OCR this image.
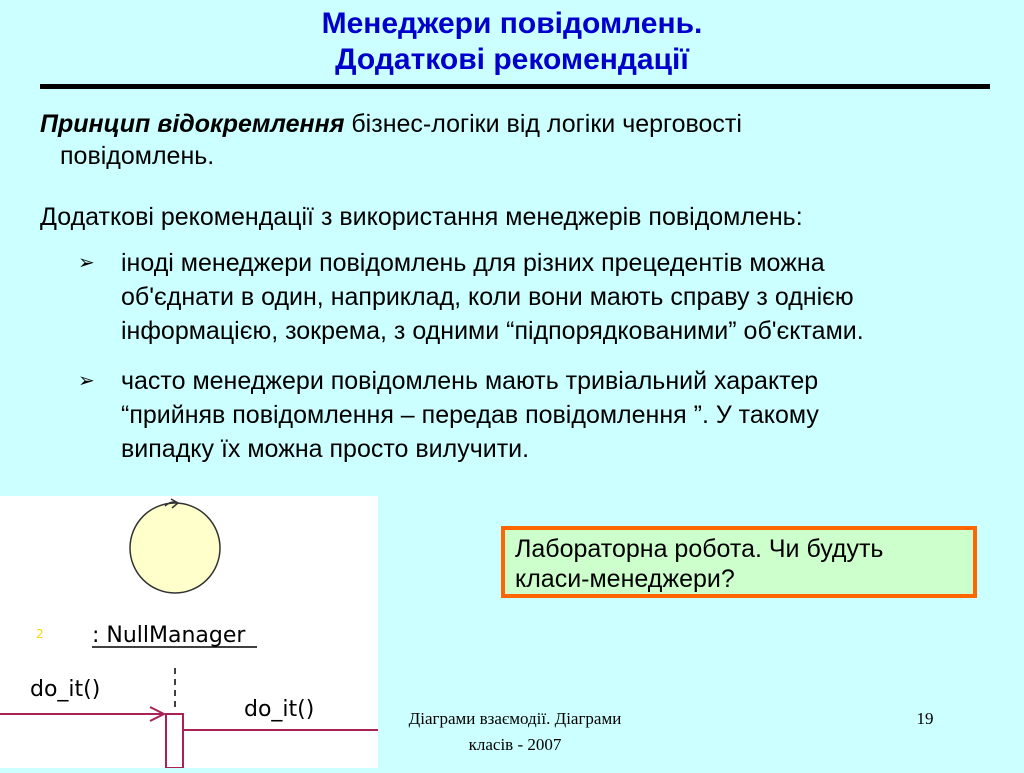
Менеджери повідомлень.
Додаткові рекомендації
Принцип відокремлення бізнес-логіки від логіки черговості
повідомлень.
Додаткові рекомендації з використання менеджерів повідомлень:
➢	іноді менеджери повідомлень для різних прецедентів можна
об'єднати в один, наприклад, коли вони мають справу з однією
інформацією, зокрема, з одними “підпорядкованими” об'єктами.
➢	часто менеджери повідомлень мають тривіальний характер
“прийняв повідомлення – передав повідомлення ”. У такому
випадку їх можна просто вилучити.
Лабораторна робота. Чи будуть
класи-менеджери?
: NullManager
2
do_it()
do_it()	Діаграми взаємодії. Діаграми
класів - 2007
19
